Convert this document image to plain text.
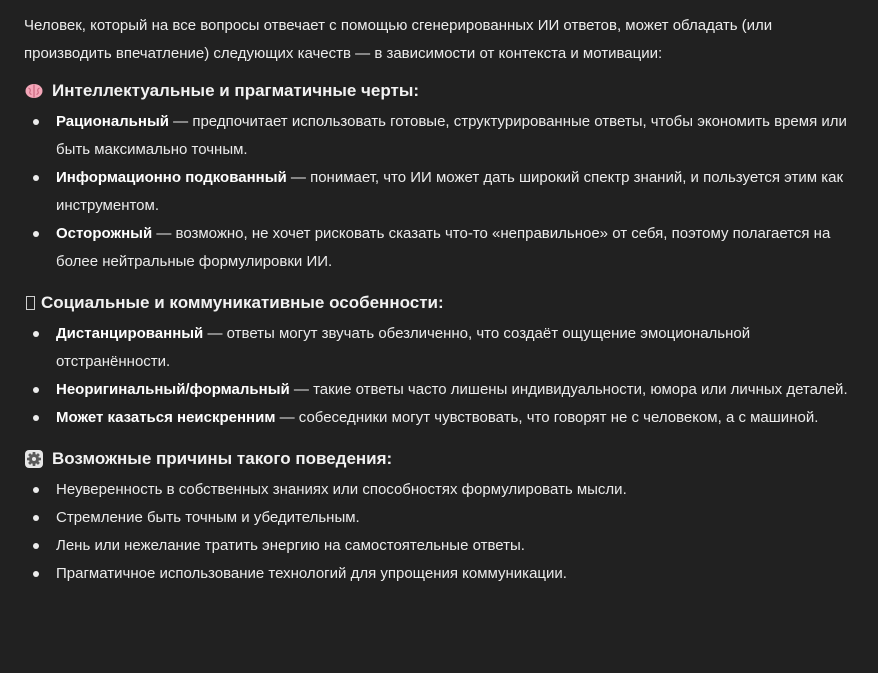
Человек, который на все вопросы отвечает с помощью сгенерированных ИИ ответов, может обладать (или производить впечатление) следующих качеств — в зависимости от контекста и мотивации:

Интеллектуальные и прагматичные черты:
Рациональный — предпочитает использовать готовые, структурированные ответы, чтобы экономить время или быть максимально точным.
Информационно подкованный — понимает, что ИИ может дать широкий спектр знаний, и пользуется этим как инструментом.
Осторожный — возможно, не хочет рисковать сказать что-то «неправильное» от себя, поэтому полагается на более нейтральные формулировки ИИ.
Социальные и коммуникативные особенности:
Дистанцированный — ответы могут звучать обезличенно, что создаёт ощущение эмоциональной отстранённости.
Неоригинальный/формальный — такие ответы часто лишены индивидуальности, юмора или личных деталей.
Может казаться неискренним — собеседники могут чувствовать, что говорят не с человеком, а с машиной.
Возможные причины такого поведения:
Неуверенность в собственных знаниях или способностях формулировать мысли.
Стремление быть точным и убедительным.
Лень или нежелание тратить энергию на самостоятельные ответы.
Прагматичное использование технологий для упрощения коммуникации.
